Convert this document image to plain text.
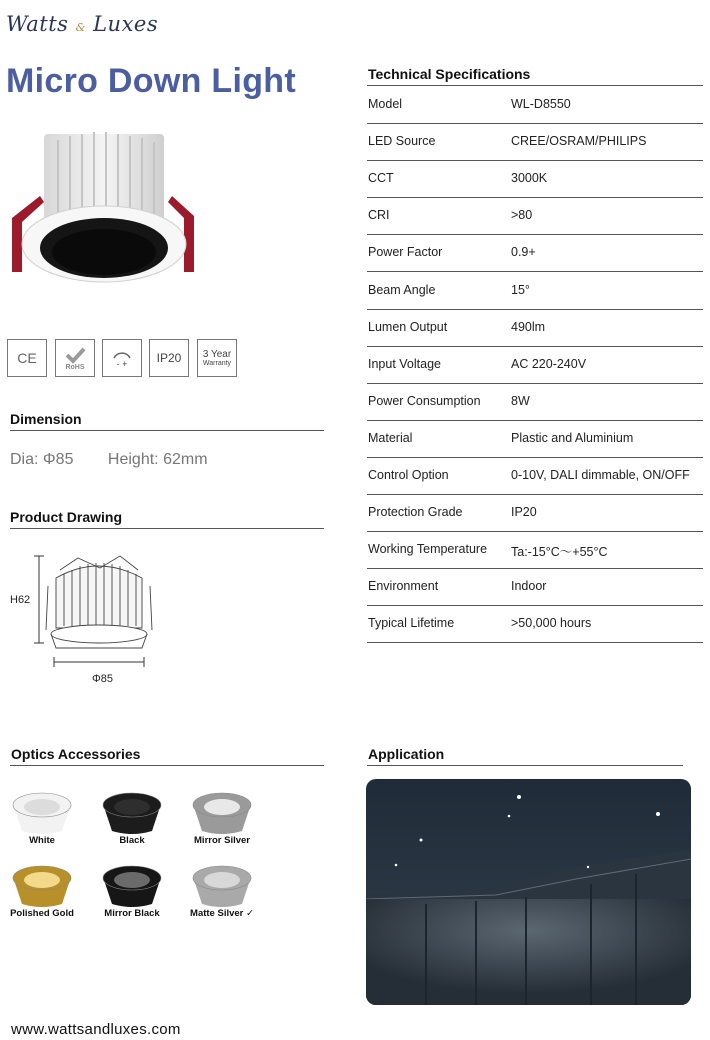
Watts & Luxes
Micro Down Light
CE
RoHS	- + IP20 3 Year
Warranty
Dimension
Dia: Φ85 Height: 62mm
Product Drawing
H62
Φ85
Technical Specifications
Model	WL-D8550
LED Source	CREE/OSRAM/PHILIPS
CCT	3000K
CRI	>80
Power Factor	0.9+
Beam Angle	15°
Lumen Output	490lm
Input Voltage	AC 220-240V
Power Consumption 8W
Material	Plastic and Aluminium
Control Option	0-10V, DALI dimmable, ON/OFF
Protection Grade	IP20
Working Temperature Ta:-15°C～+55°C
Environment	Indoor
Typical Lifetime	>50,000 hours
Optics Accessories
White	Black	Mirror Silver
Polished Gold	Mirror Black	Matte Silver ✓
Application
www.wattsandluxes.com
